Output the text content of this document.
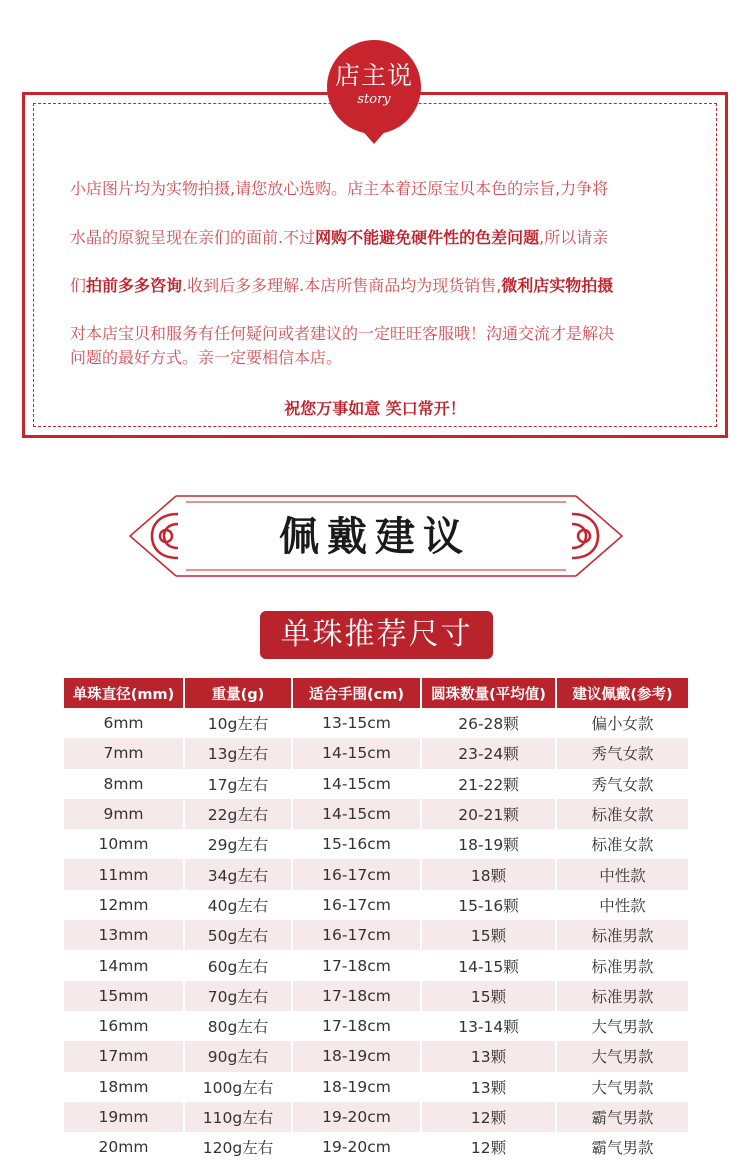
店主说
story

小店图片均为实物拍摄,请您放心选购。店主本着还原宝贝本色的宗旨,力争将

水晶的原貌呈现在亲们的面前.不过网购不能避免硬件性的色差问题,所以请亲

们拍前多多咨询.收到后多多理解.本店所售商品均为现货销售,微利店实物拍摄

对本店宝贝和服务有任何疑问或者建议的一定旺旺客服哦！沟通交流才是解决

问题的最好方式。亲一定要相信本店。

祝您万事如意 笑口常开！

佩戴建议

单珠推荐尺寸
单珠直径(mm)	重量(g)	适合手围(cm)	圆珠数量(平均值)	建议佩戴(参考)
6mm	10g左右	13-15cm	26-28颗	偏小女款
7mm	13g左右	14-15cm	23-24颗	秀气女款
8mm	17g左右	14-15cm	21-22颗	秀气女款
9mm	22g左右	14-15cm	20-21颗	标准女款
10mm	29g左右	15-16cm	18-19颗	标准女款
11mm	34g左右	16-17cm	18颗	中性款
12mm	40g左右	16-17cm	15-16颗	中性款
13mm	50g左右	16-17cm	15颗	标准男款
14mm	60g左右	17-18cm	14-15颗	标准男款
15mm	70g左右	17-18cm	15颗	标准男款
16mm	80g左右	17-18cm	13-14颗	大气男款
17mm	90g左右	18-19cm	13颗	大气男款
18mm	100g左右	18-19cm	13颗	大气男款
19mm	110g左右	19-20cm	12颗	霸气男款
20mm	120g左右	19-20cm	12颗	霸气男款
